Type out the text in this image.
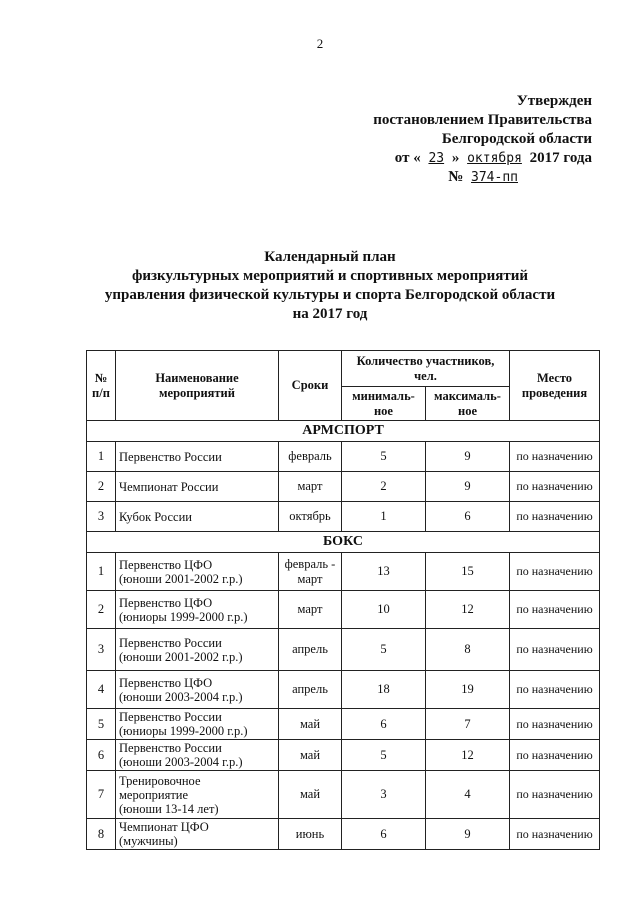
2
Утвержден
постановлением Правительства
Белгородской области
от « 23 » октября 2017 года
№ 374-пп
Календарный план
физкультурных мероприятий и спортивных мероприятий
управления физической культуры и спорта Белгородской области
на 2017 год
№ п/п	Наименование мероприятий	Сроки	Количество участников, чел.		Место проведения
			минималь-ное	максималь-ное	
АРМСПОРТ					
1	Первенство России	февраль	5	9	по назначению
2	Чемпионат России	март	2	9	по назначению
3	Кубок России	октябрь	1	6	по назначению
БОКС					
1	Первенство ЦФО
(юноши 2001-2002 г.р.)	февраль -
март	13	15	по назначению
2	Первенство ЦФО
(юниоры 1999-2000 г.р.)	март	10	12	по назначению
3	Первенство России
(юноши 2001-2002 г.р.)	апрель	5	8	по назначению
4	Первенство ЦФО
(юноши 2003-2004 г.р.)	апрель	18	19	по назначению
5	Первенство России
(юниоры 1999-2000 г.р.)	май	6	7	по назначению
6	Первенство России
(юноши 2003-2004 г.р.)	май	5	12	по назначению
7	Тренировочное
мероприятие
(юноши 13-14 лет)	май	3	4	по назначению
8	Чемпионат ЦФО
(мужчины)	июнь	6	9	по назначению
